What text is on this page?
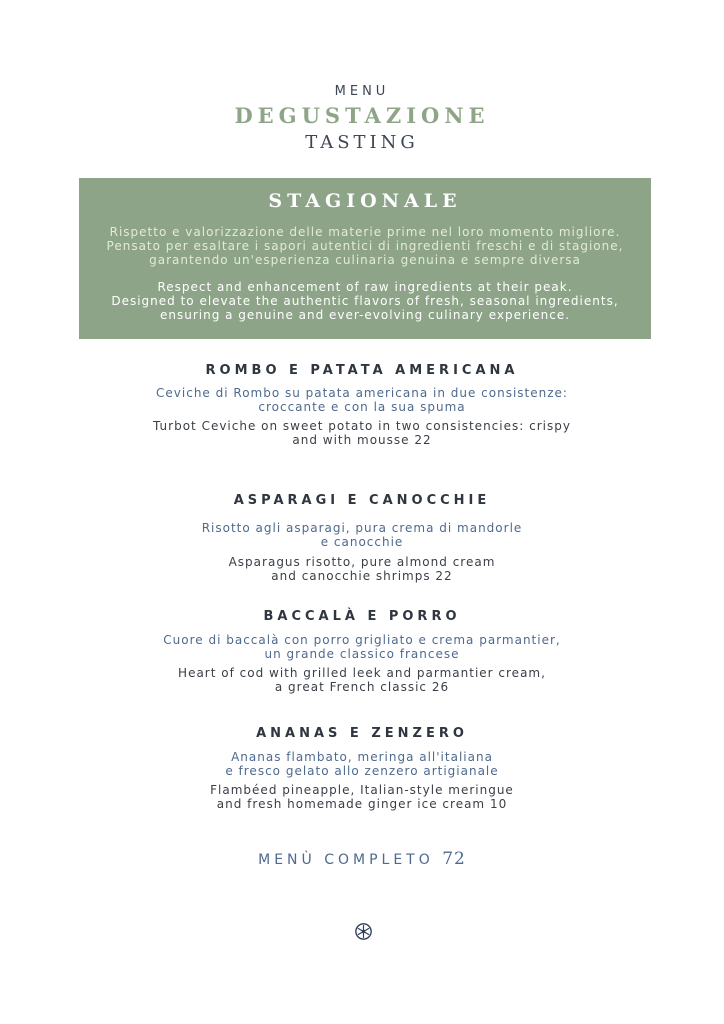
MENU
DEGUSTAZIONE
TASTING
STAGIONALE
Rispetto e valorizzazione delle materie prime nel loro momento migliore.
Pensato per esaltare i sapori autentici di ingredienti freschi e di stagione,
garantendo un'esperienza culinaria genuina e sempre diversa
Respect and enhancement of raw ingredients at their peak.
Designed to elevate the authentic flavors of fresh, seasonal ingredients,
ensuring a genuine and ever-evolving culinary experience.
ROMBO E PATATA AMERICANA
Ceviche di Rombo su patata americana in due consistenze:
croccante e con la sua spuma
Turbot Ceviche on sweet potato in two consistencies: crispy
and with mousse 22
ASPARAGI E CANOCCHIE
Risotto agli asparagi, pura crema di mandorle
e canocchie
Asparagus risotto, pure almond cream
and canocchie shrimps 22
BACCALÀ E PORRO
Cuore di baccalà con porro grigliato e crema parmantier,
un grande classico francese
Heart of cod with grilled leek and parmantier cream,
a great French classic 26
ANANAS E ZENZERO
Ananas flambato, meringa all'italiana
e fresco gelato allo zenzero artigianale
Flambéed pineapple, Italian-style meringue
and fresh homemade ginger ice cream 10
MENÙ COMPLETO 72
